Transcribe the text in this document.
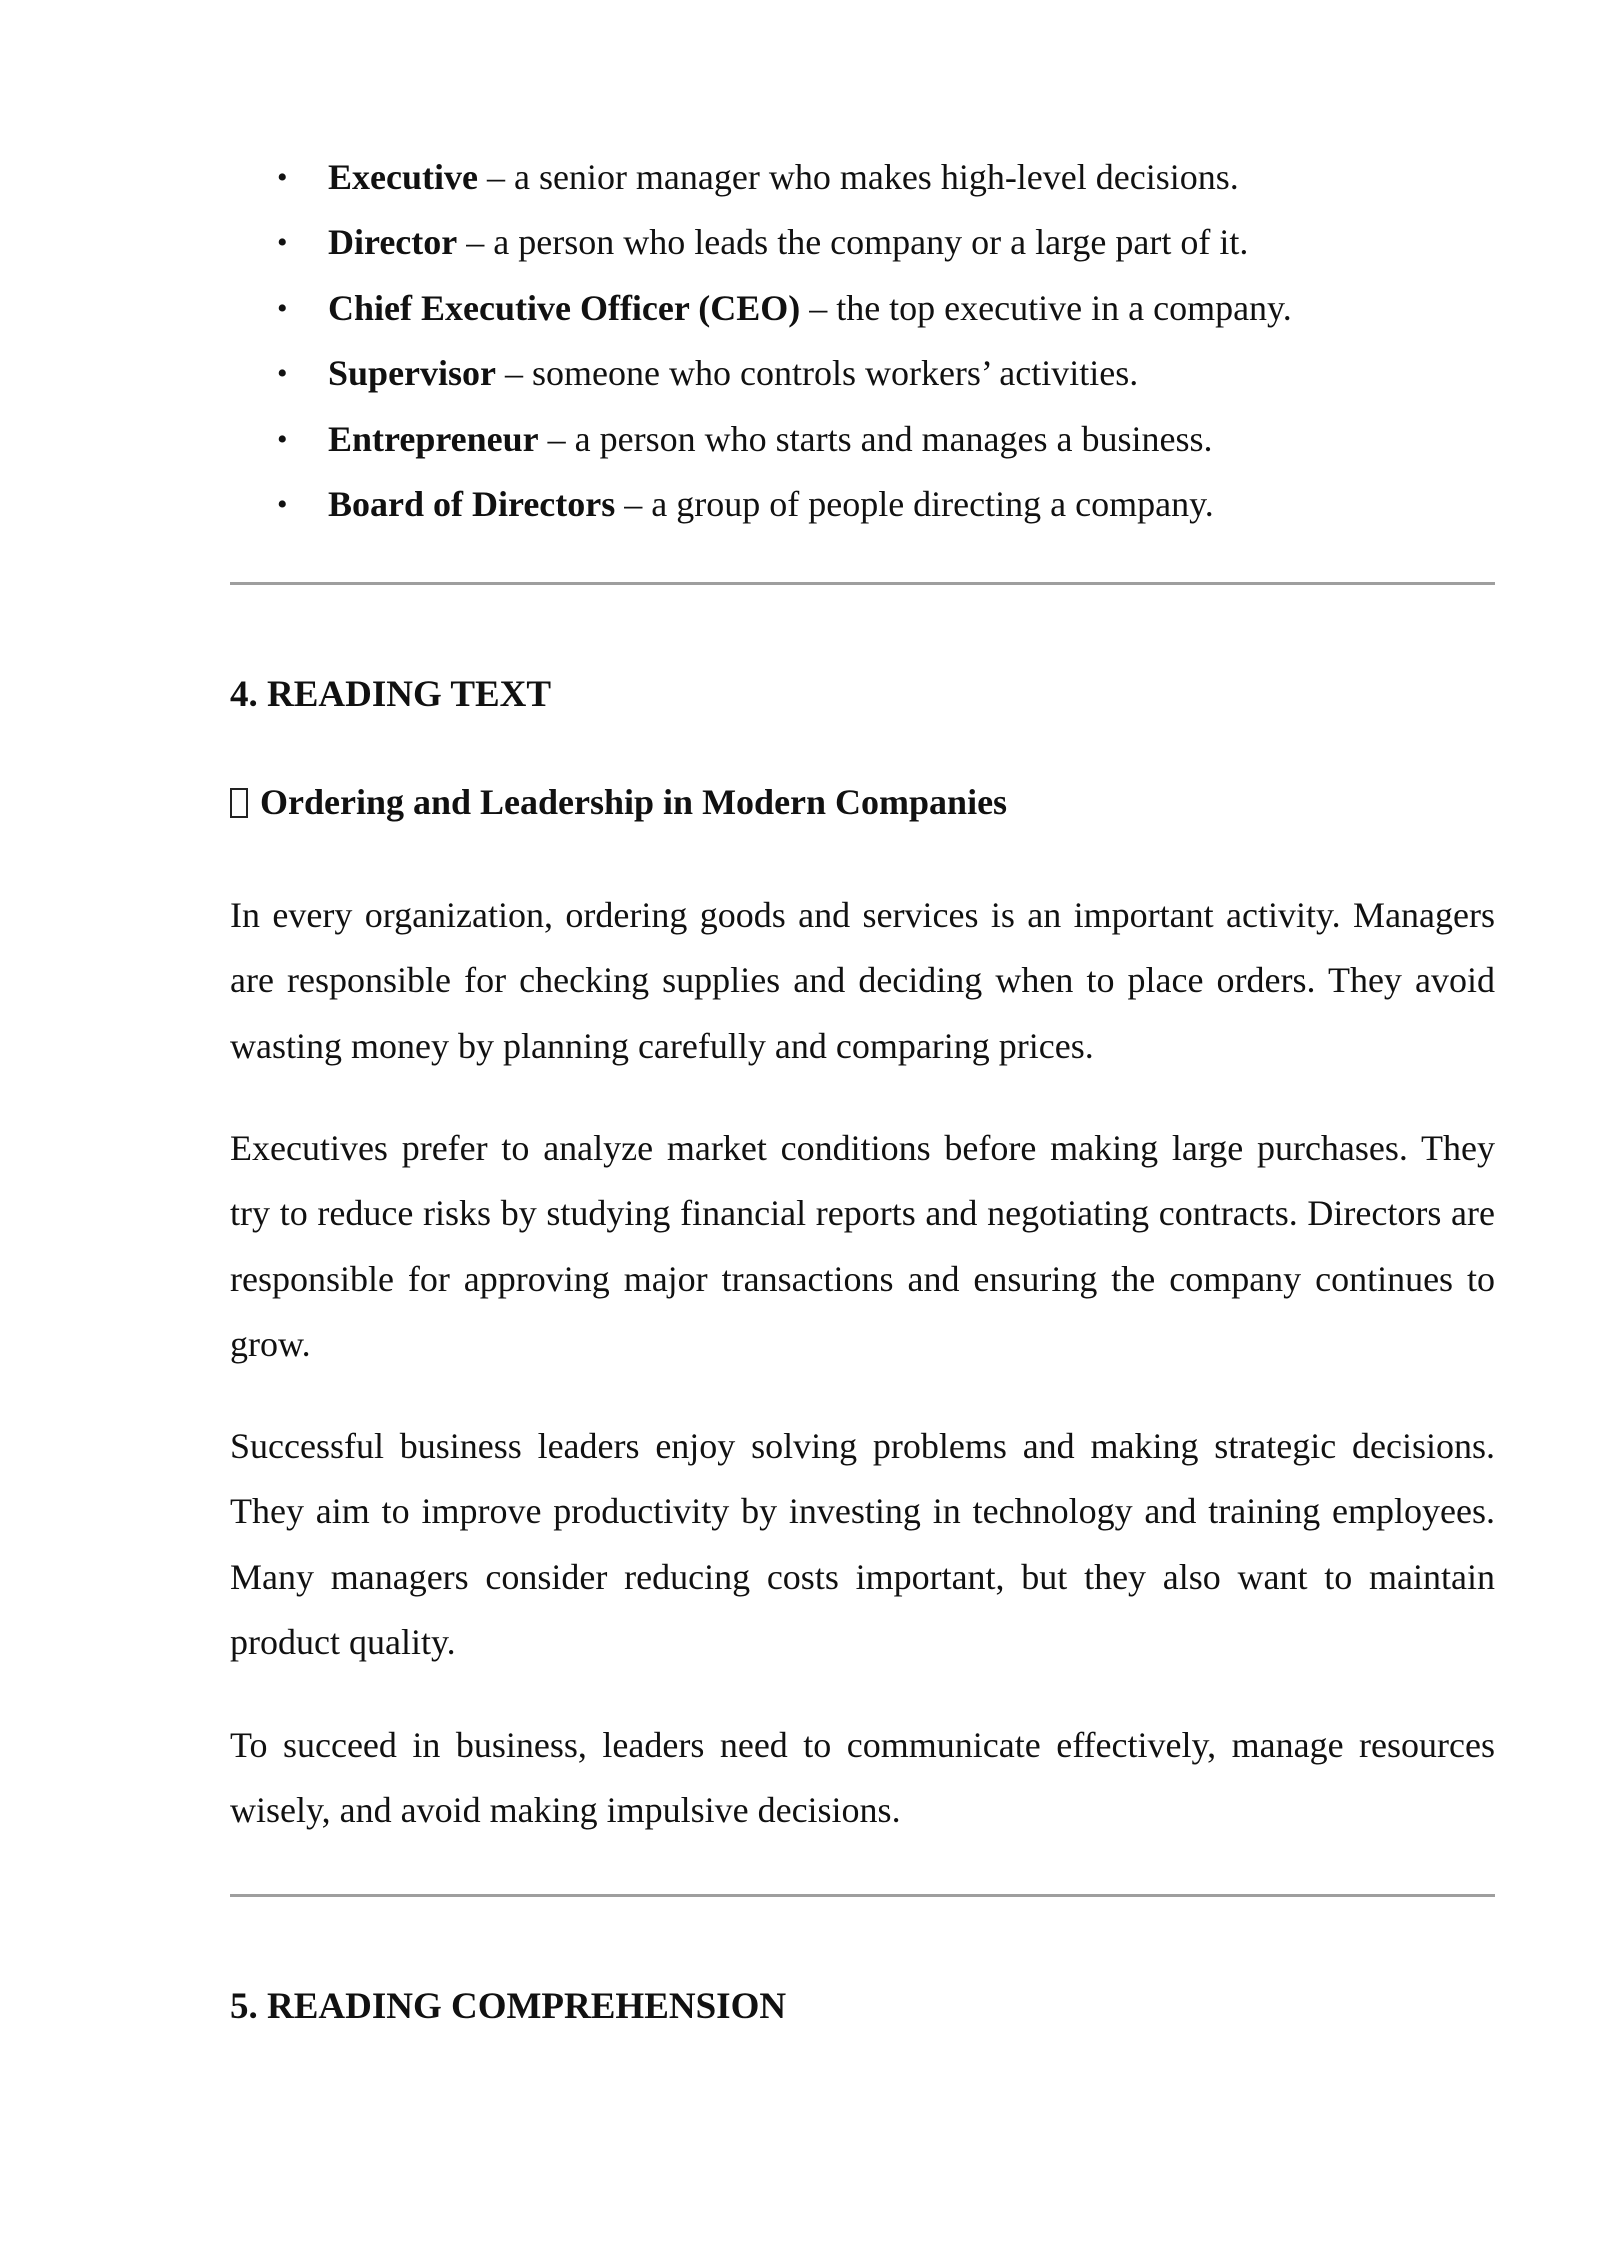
• Executive – a senior manager who makes high-level decisions.
• Director – a person who leads the company or a large part of it.
• Chief Executive Officer (CEO) – the top executive in a company.
• Supervisor – someone who controls workers’ activities.
• Entrepreneur – a person who starts and manages a business.
• Board of Directors – a group of people directing a company.
4. READING TEXT
Ordering and Leadership in Modern Companies

In every organization, ordering goods and services is an important activity. Managers are responsible for checking supplies and deciding when to place orders. They avoid wasting money by planning carefully and comparing prices.

Executives prefer to analyze market conditions before making large purchases. They try to reduce risks by studying financial reports and negotiating contracts. Directors are responsible for approving major transactions and ensuring the company continues to grow.

Successful business leaders enjoy solving problems and making strategic decisions. They aim to improve productivity by investing in technology and training employees. Many managers consider reducing costs important, but they also want to maintain product quality.

To succeed in business, leaders need to communicate effectively, manage resources wisely, and avoid making impulsive decisions.

5. READING COMPREHENSION
